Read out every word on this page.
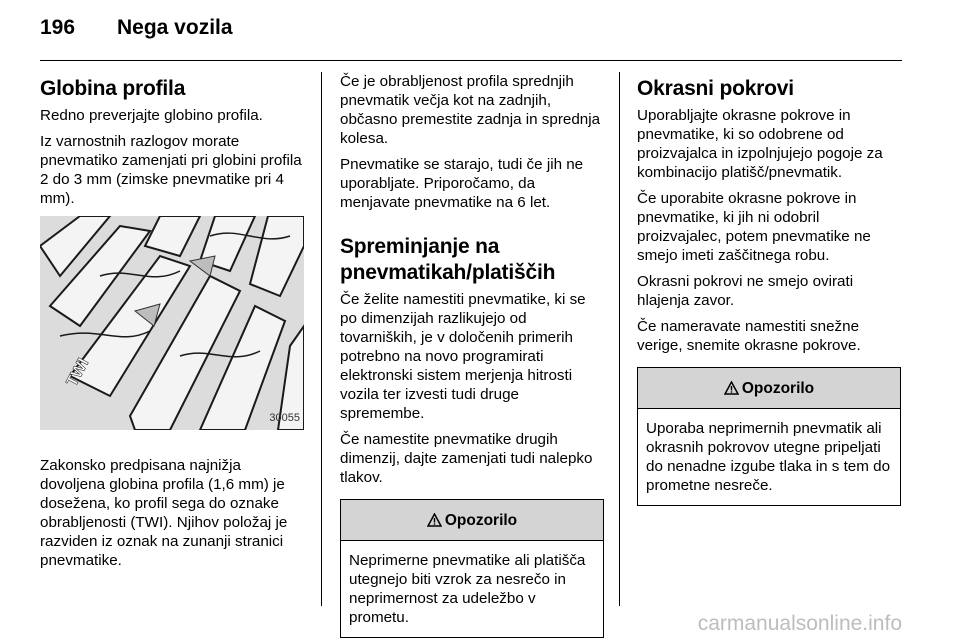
196 Nega vozila
Globina profila

Redno preverjajte globino profila.

Iz varnostnih razlogov morate pnevmatiko zamenjati pri globini profila 2 do 3 mm (zimske pnevmatike pri 4 mm).

TWI
30055

Zakonsko predpisana najnižja dovoljena globina profila (1,6 mm) je dosežena, ko profil sega do oznake obrabljenosti (TWI). Njihov položaj je razviden iz oznak na zunanji stranici pnevmatike.

Če je obrabljenost profila sprednjih pnevmatik večja kot na zadnjih, občasno premestite zadnja in sprednja kolesa.

Pnevmatike se starajo, tudi če jih ne uporabljate. Priporočamo, da menjavate pnevmatike na 6 let.

Spreminjanje na pnevmatikah/platiščih

Če želite namestiti pnevmatike, ki se po dimenzijah razlikujejo od tovarniških, je v določenih primerih potrebno na novo programirati elektronski sistem merjenja hitrosti vozila ter izvesti tudi druge spremembe.

Če namestite pnevmatike drugih dimenzij, dajte zamenjati tudi nalepko tlakov.

Opozorilo
Neprimerne pnevmatike ali platišča utegnejo biti vzrok za nesrečo in neprimernost za udeležbo v prometu.
Okrasni pokrovi

Uporabljajte okrasne pokrove in pnevmatike, ki so odobrene od proizvajalca in izpolnjujejo pogoje za kombinacijo platišč/pnevmatik.

Če uporabite okrasne pokrove in pnevmatike, ki jih ni odobril proizvajalec, potem pnevmatike ne smejo imeti zaščitnega robu.

Okrasni pokrovi ne smejo ovirati hlajenja zavor.

Če nameravate namestiti snežne verige, snemite okrasne pokrove.

Opozorilo
Uporaba neprimernih pnevmatik ali okrasnih pokrovov utegne pripeljati do nenadne izgube tlaka in s tem do prometne nesreče.
carmanualsonline.info
